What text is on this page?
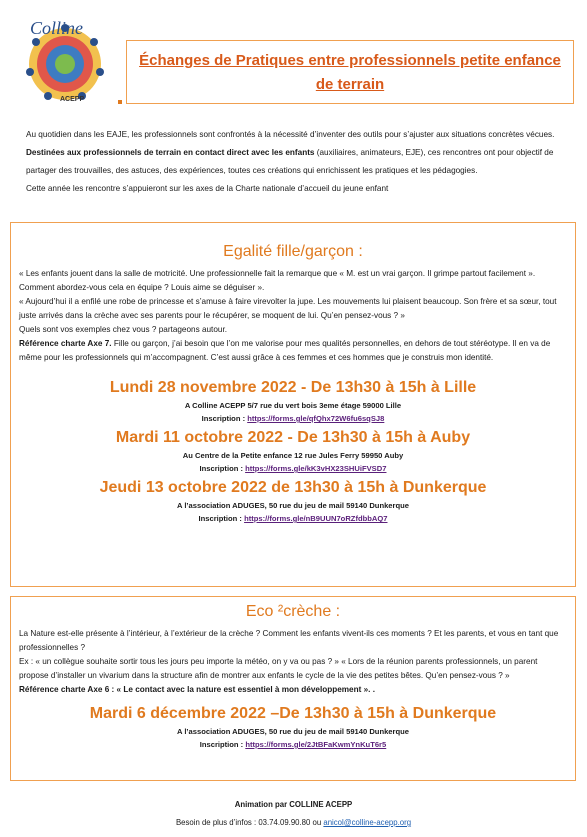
Colline
ACEPP
Échanges de Pratiques entre professionnels petite enfance
de terrain

Au quotidien dans les EAJE, les professionnels sont confrontés à la nécessité d’inventer des outils pour s’ajuster aux situations concrètes vécues.

Destinées aux professionnels de terrain en contact direct avec les enfants (auxiliaires, animateurs, EJE), ces rencontres ont pour objectif de partager des trouvailles, des astuces, des expériences, toutes ces créations qui enrichissent les pratiques et les pédagogies.

Cette année les rencontre s’appuieront sur les axes de la Charte nationale d’accueil du jeune enfant

Egalité fille/garçon :

« Les enfants jouent dans la salle de motricité. Une professionnelle fait la remarque que « M. est un vrai garçon. Il grimpe partout facilement ». Comment abordez-vous cela en équipe ? Louis aime se déguiser ».

« Aujourd’hui il a enfilé une robe de princesse et s’amuse à faire virevolter la jupe. Les mouvements lui plaisent beaucoup. Son frère et sa sœur, tout juste arrivés dans la crèche avec ses parents pour le récupérer, se moquent de lui. Qu’en pensez-vous ? »

Quels sont vos exemples chez vous ? partageons autour.

Référence charte Axe 7. Fille ou garçon, j’ai besoin que l’on me valorise pour mes qualités personnelles, en dehors de tout stéréotype. Il en va de même pour les professionnels qui m’accompagnent. C’est aussi grâce à ces femmes et ces hommes que je construis mon identité.

Lundi 28 novembre 2022 - De 13h30 à 15h à Lille
A Colline ACEPP 5/7 rue du vert bois 3eme étage 59000 Lille
Inscription : https://forms.gle/qfQhx72W6fu6sqSJ8
Mardi 11 octobre 2022 - De 13h30 à 15h à Auby
Au Centre de la Petite enfance 12 rue Jules Ferry 59950 Auby
Inscription : https://forms.gle/kK3vHX23SHUiFVSD7
Jeudi 13 octobre 2022 de 13h30 à 15h à Dunkerque
A l’association ADUGES, 50 rue du jeu de mail 59140 Dunkerque
Inscription : https://forms.gle/nB9UUN7oRZfdbbAQ7
Eco ²crèche :

La Nature est-elle présente à l’intérieur, à l’extérieur de la crèche ? Comment les enfants vivent-ils ces moments ? Et les parents, et vous en tant que professionnelles ?

Ex : « un collègue souhaite sortir tous les jours peu importe la météo, on y va ou pas ? » « Lors de la réunion parents professionnels, un parent propose d’installer un vivarium dans la structure afin de montrer aux enfants le cycle de la vie des petites bêtes. Qu’en pensez-vous ? »

Référence charte Axe 6 : « Le contact avec la nature est essentiel à mon développement ». .

Mardi 6 décembre 2022 –De 13h30 à 15h à Dunkerque
A l’association ADUGES, 50 rue du jeu de mail 59140 Dunkerque
Inscription : https://forms.gle/2JtBFaKwmYnKuT6r5
Animation par COLLINE ACEPP
Besoin de plus d’infos : 03.74.09.90.80 ou anicol@colline-acepp.org
